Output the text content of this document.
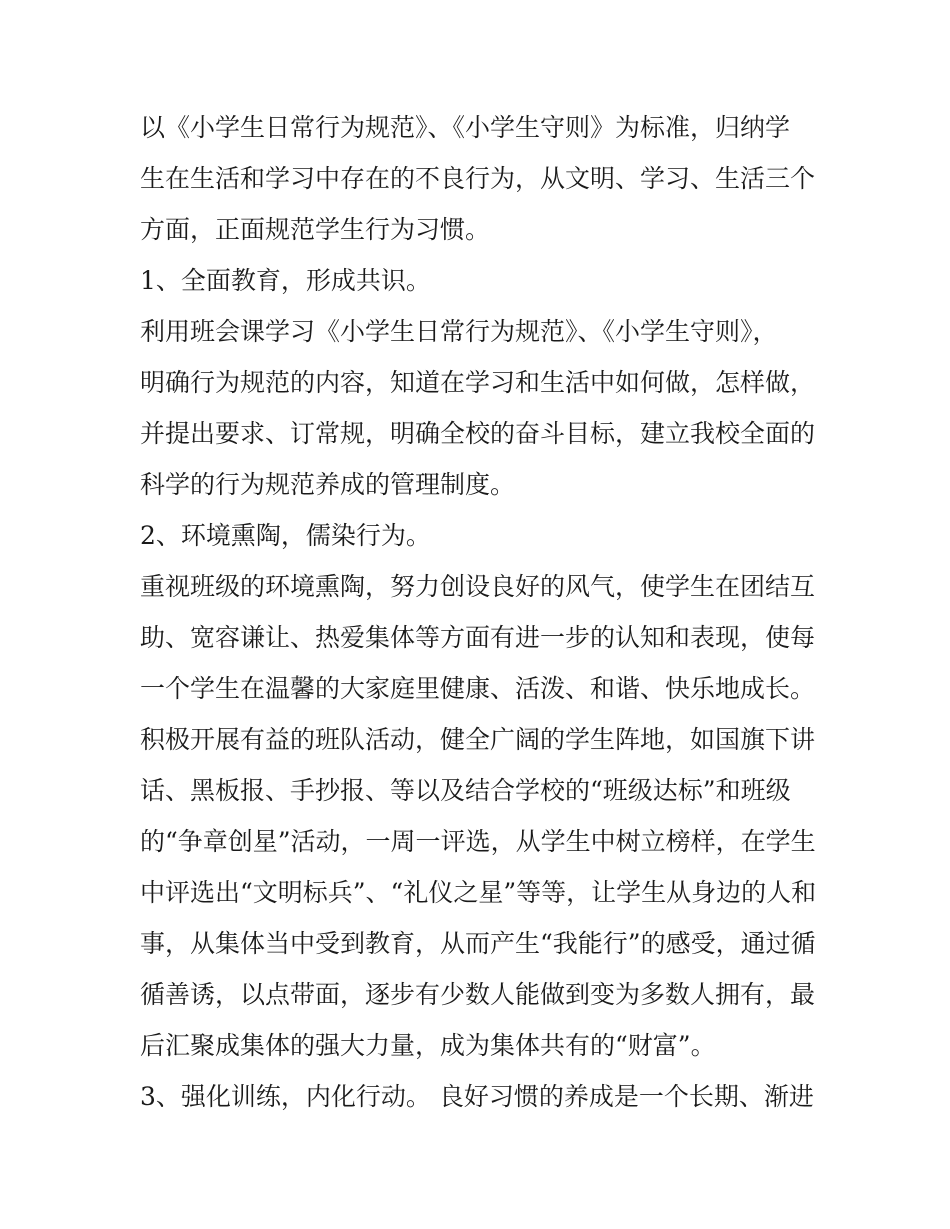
以《小学生日常行为规范》、《小学生守则》为标准，归纳学
生在生活和学习中存在的不良行为，从文明、学习、生活三个
方面，正面规范学生行为习惯。
1、全面教育，形成共识。
利用班会课学习《小学生日常行为规范》、《小学生守则》，
明确行为规范的内容，知道在学习和生活中如何做，怎样做，
并提出要求、订常规，明确全校的奋斗目标，建立我校全面的
科学的行为规范养成的管理制度。
2、环境熏陶，儒染行为。
重视班级的环境熏陶，努力创设良好的风气，使学生在团结互
助、宽容谦让、热爱集体等方面有进一步的认知和表现，使每
一个学生在温馨的大家庭里健康、活泼、和谐、快乐地成长。
积极开展有益的班队活动，健全广阔的学生阵地，如国旗下讲
话、黑板报、手抄报、等以及结合学校的“班级达标”和班级
的“争章创星”活动，一周一评选，从学生中树立榜样，在学生
中评选出“文明标兵”、“礼仪之星”等等，让学生从身边的人和
事，从集体当中受到教育，从而产生“我能行”的感受，通过循
循善诱，以点带面，逐步有少数人能做到变为多数人拥有，最
后汇聚成集体的强大力量，成为集体共有的“财富”。
3、强化训练，内化行动。 良好习惯的养成是一个长期、渐进
